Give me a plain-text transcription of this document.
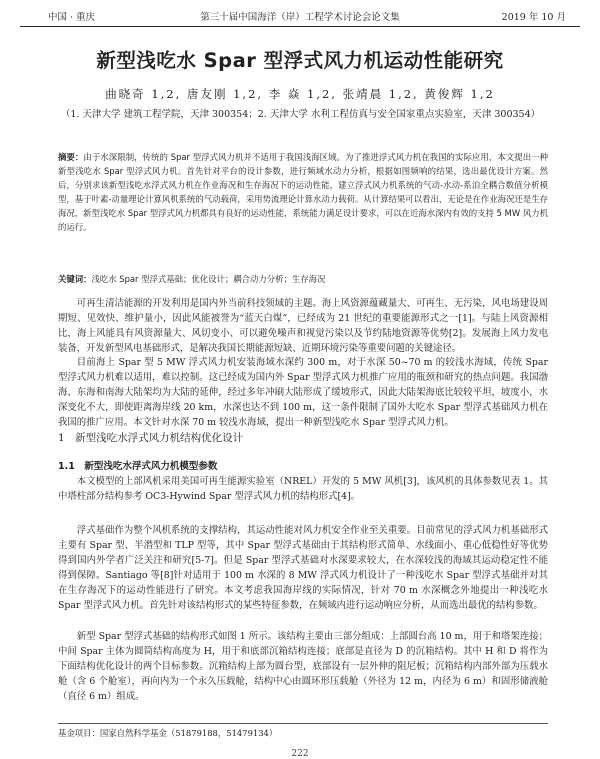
中国 · 重庆	第三十届中国海洋（岸）工程学术讨论会论文集	2019 年 10 月
新型浅吃水 Spar 型浮式风力机运动性能研究
曲晓奇 1,2, 唐友刚 1,2, 李 焱 1,2, 张靖晨 1,2, 黄俊辉 1,2
（1. 天津大学 建筑工程学院，天津 300354；2. 天津大学 水利工程仿真与安全国家重点实验室，天津 300354）
摘要：由于水深限制，传统的 Spar 型浮式风力机并不适用于我国浅海区域。为了推进浮式风力机在我国的实际应用，本文提出一种新型浅吃水 Spar 型浮式风力机。首先针对平台的设计参数，进行频域水动力分析，根据如图频响的结果，选出最优设计方案。然后，分别求该新型浅吃水浮式风力机在作业海况和生存海况下的运动性能，建立浮式风力机系统的气动-水动-系泊全耦合数值分析模型，基于叶素-动量理论计算风机系统的气动载荷，采用势流理论计算水动力载荷。从计算结果可以看出，无论是在作业海况还是生存海况，新型浅吃水 Spar 型浮式风力机都具有良好的运动性能，系统能力满足设计要求，可以在近海水深内有效的支持 5 MW 风力机的运行。
关键词：浅吃水 Spar 型浮式基础；优化设计；耦合动力分析；生存海况

可再生清洁能源的开发利用是国内外当前科技领域的主题。海上风资源蕴藏量大、可再生、无污染，风电场建设周期短、见效快、维护量小，因此风能被誉为“蓝天白煤”，已经成为 21 世纪的重要能源形式之一[1]。与陆上风资源相比，海上风能具有风资源量大、风切变小、可以避免噪声和视觉污染以及节约陆地资源等优势[2]。发展海上风力发电装备，开发新型风电基础形式，是解决我国长期能源短缺、近期环境污染等重要问题的关键途径。

目前海上 Spar 型 5 MW 浮式风力机安装海域水深约 300 m，对于水深 50~70 m 的较浅水海域，传统 Spar 型浮式风力机难以适用，难以控制。这已经成为国内外 Spar 型浮式风力机推广应用的瓶颈和研究的热点问题。我国渤海、东海和南海大陆架均为大陆的延伸，经过多年冲刷大陆形成了缓坡形式，因此大陆架海底比较较平坦，坡度小，水深变化不大，即使距离海岸线 20 km，水深也达不到 100 m，这一条件限制了国外大吃水 Spar 型浮式基础风力机在我国的推广应用。本文针对水深 70 m 较浅水海域，提出一种新型浅吃水 Spar 型浮式风力机。

1　新型浅吃水浮式风力机结构优化设计
1.1　新型浅吃水浮式风力机模型参数

本文模型的上部风机采用美国可再生能源实验室（NREL）开发的 5 MW 风机[3]，该风机的具体参数见表 1。其中塔柱部分结构参考 OC3-Hywind Spar 型浮式风力机的结构形式[4]。

浮式基础作为整个风机系统的支撑结构，其运动性能对风力机安全作业至关重要。目前常见的浮式风力机基础形式主要有 Spar 型、半潜型和 TLP 型等，其中 Spar 型浮式基础由于其结构形式简单、水线面小、重心低稳性好等优势得到国内外学者广泛关注和研究[5-7]。但是 Spar 型浮式基础对水深要求较大，在水深较浅的海域其运动稳定性不能得到保障。Santiago 等[8]针对适用于 100 m 水深的 8 MW 浮式风力机设计了一种浅吃水 Spar 型浮式基础并对其在生存海况下的运动性能进行了研究。本文考虑我国海岸线的实际情况，针对 70 m 水深概念外地提出一种浅吃水 Spar 型浮式风力机。首先针对该结构形式的某些特征参数，在频域内进行运动响应分析，从而选出最优的结构参数。

新型 Spar 型浮式基础的结构形式如图 1 所示。该结构主要由三部分组成：上部圆台高 10 m，用于和塔架连接；中间 Spar 主体为圆筒结构高度为 H，用于和底部沉箱结构连接；底部是直径为 D 的沉箱结构。其中 H 和 D 将作为下面结构优化设计的两个目标参数。沉箱结构上部为圆台型，底部设有一层外伸的阻尼板；沉箱结构内部外部为压载水舱（含 6 个舱室），再向内为一个永久压载舱，结构中心由圆环形压载舱（外径为 12 m，内径为 6 m）和固形储液舱（直径 6 m）组成。

基金项目：国家自然科学基金（51879188，51479134）
222
